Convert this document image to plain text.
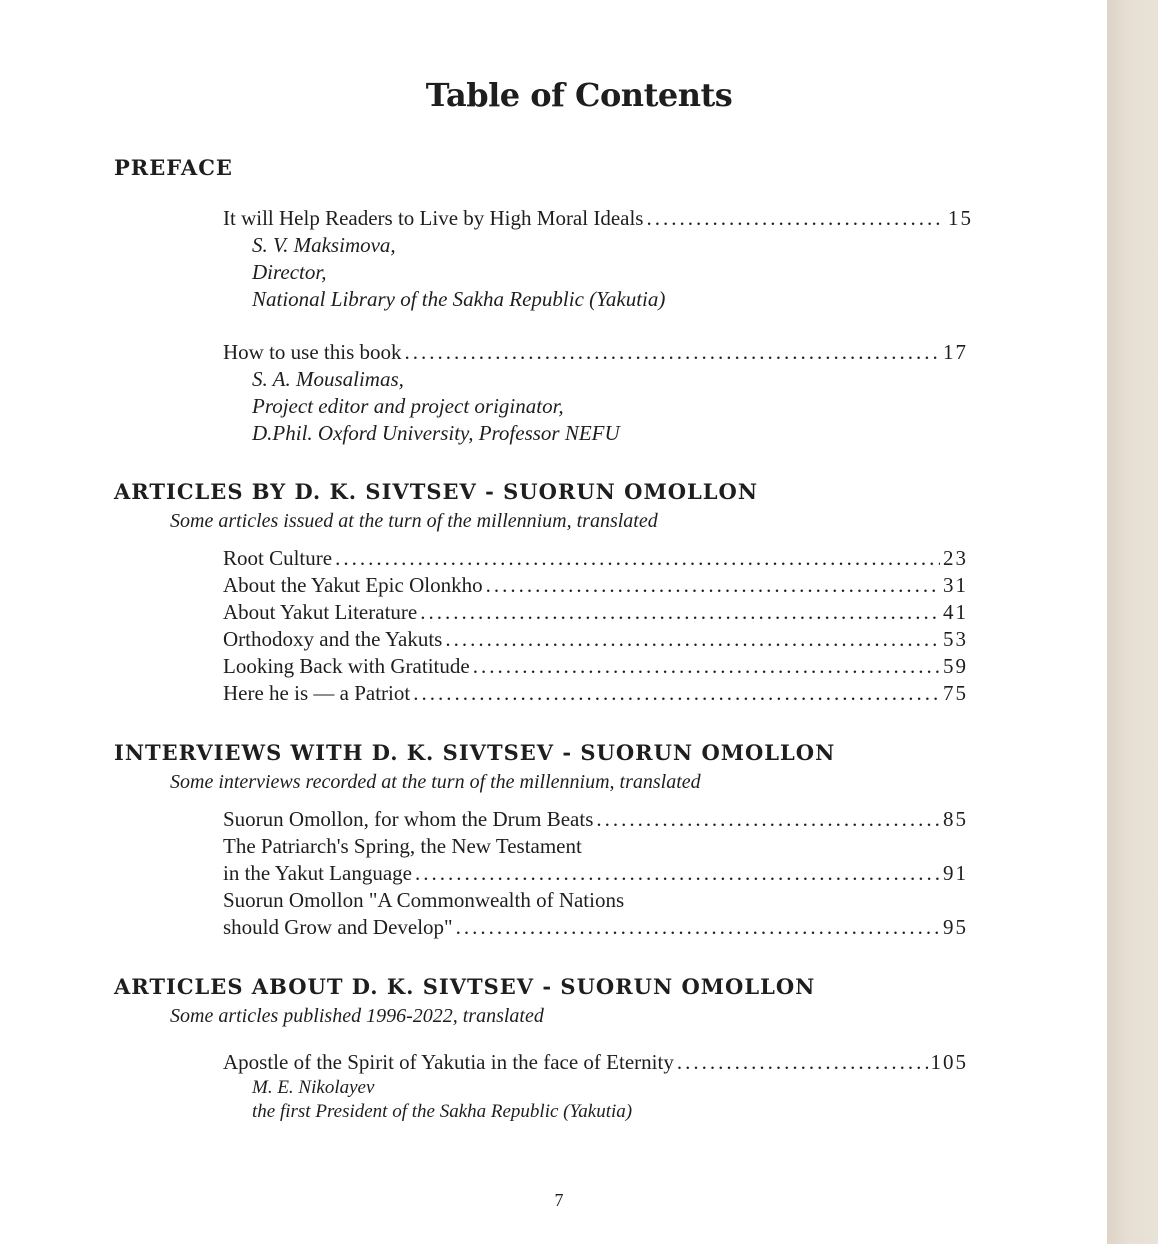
Table of Contents
PREFACE
It will Help Readers to Live by High Moral Ideals .....	15
S. V. Maksimova,
Director,
National Library of the Sakha Republic (Yakutia)
How to use this book .....	17
S. A. Mousalimas,
Project editor and project originator,
D.Phil. Oxford University, Professor NEFU
ARTICLES BY D. K. SIVTSEV - SUORUN OMOLLON
Some articles issued at the turn of the millennium, translated
Root Culture .....	23
About the Yakut Epic Olonkho .....	31
About Yakut Literature .....	41
Orthodoxy and the Yakuts .....	53
Looking Back with Gratitude .....	59
Here he is — a Patriot .....	75
INTERVIEWS WITH D. K. SIVTSEV - SUORUN OMOLLON
Some interviews recorded at the turn of the millennium, translated
Suorun Omollon, for whom the Drum Beats .....	85
The Patriarch's Spring, the New Testament
in the Yakut Language .....	91
Suorun Omollon "A Commonwealth of Nations
should Grow and Develop" .....	95
ARTICLES ABOUT D. K. SIVTSEV - SUORUN OMOLLON
Some articles published 1996-2022, translated
Apostle of the Spirit of Yakutia in the face of Eternity .....	105
M. E. Nikolayev
the first President of the Sakha Republic (Yakutia)
7
